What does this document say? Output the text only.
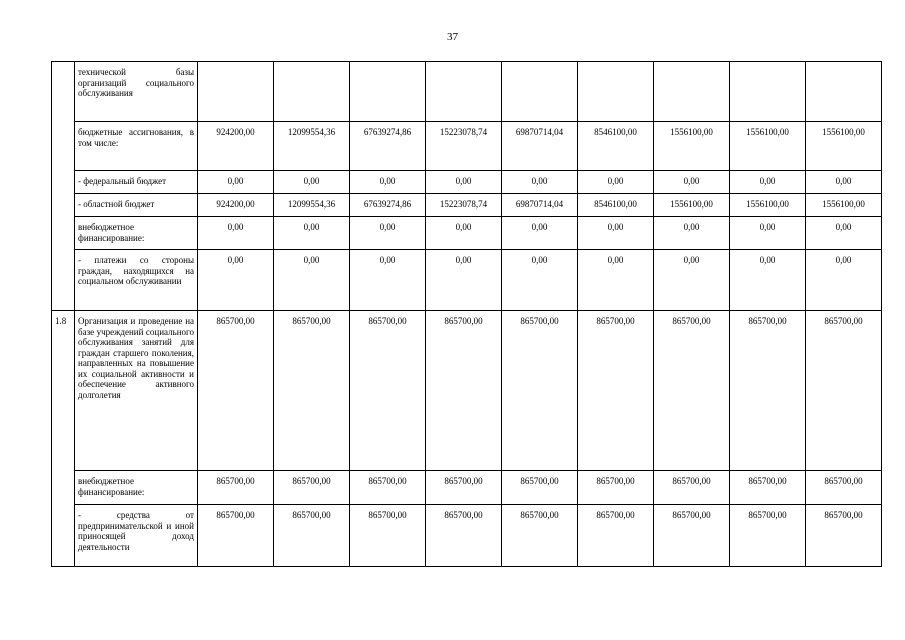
37
	технической базы организаций социального обслуживания									
	бюджетные ассигнования, в том числе:	924200,00	12099554,36	67639274,86	15223078,74	69870714,04	8546100,00	1556100,00	1556100,00	1556100,00
	- федеральный бюджет	0,00	0,00	0,00	0,00	0,00	0,00	0,00	0,00	0,00
	- областной бюджет	924200,00	12099554,36	67639274,86	15223078,74	69870714,04	8546100,00	1556100,00	1556100,00	1556100,00
	внебюджетное финансирование:	0,00	0,00	0,00	0,00	0,00	0,00	0,00	0,00	0,00
	- платежи со стороны граждан, находящихся на социальном обслуживании	0,00	0,00	0,00	0,00	0,00	0,00	0,00	0,00	0,00
1.8	Организация и проведение на базе учреждений социального обслуживания занятий для граждан старшего поколения, направленных на повышение их социальной активности и обеспечение активного долголетия	865700,00	865700,00	865700,00	865700,00	865700,00	865700,00	865700,00	865700,00	865700,00
	внебюджетное финансирование:	865700,00	865700,00	865700,00	865700,00	865700,00	865700,00	865700,00	865700,00	865700,00
	- средства от предпринимательской и иной приносящей доход деятельности	865700,00	865700,00	865700,00	865700,00	865700,00	865700,00	865700,00	865700,00	865700,00
